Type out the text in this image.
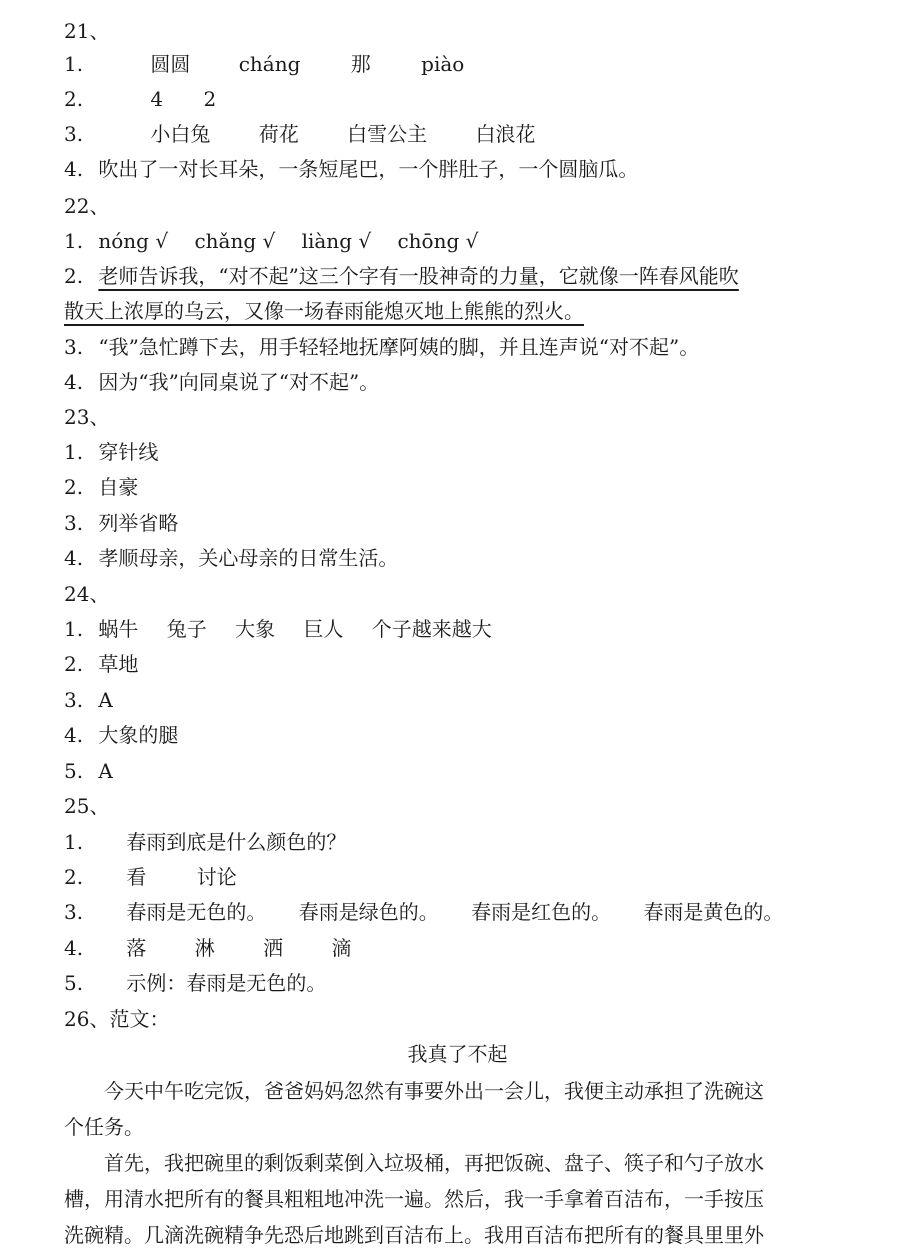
21、
1.	圆圆 cháng	那	piào
2.	4 2
3.	小白兔 荷花 白雪公主 白浪花
4. 吹出了一对长耳朵，一条短尾巴，一个胖肚子，一个圆脑瓜。
22、
1. nóng √ chǎng √ liàng √ chōng √
2. 老师告诉我，“对不起”这三个字有一股神奇的力量，它就像一阵春风能吹
散天上浓厚的乌云，又像一场春雨能熄灭地上熊熊的烈火。
3. “我”急忙蹲下去，用手轻轻地抚摩阿姨的脚，并且连声说“对不起”。
4. 因为“我”向同桌说了“对不起”。
23、
1. 穿针线
2. 自豪
3. 列举省略
4. 孝顺母亲，关心母亲的日常生活。
24、
1. 蜗牛 兔子 大象 巨人 个子越来越大
2. 草地
3. A
4. 大象的腿
5. A
25、
1. 春雨到底是什么颜色的？
2. 看	讨论
3. 春雨是无色的。 春雨是绿色的。 春雨是红色的。 春雨是黄色的。
4. 落 淋 洒 滴
5. 示例：春雨是无色的。
26、范文：
我真了不起
今天中午吃完饭，爸爸妈妈忽然有事要外出一会儿，我便主动承担了洗碗这
个任务。
首先，我把碗里的剩饭剩菜倒入垃圾桶，再把饭碗、盘子、筷子和勺子放水
槽，用清水把所有的餐具粗粗地冲洗一遍。然后，我一手拿着百洁布，一手按压
洗碗精。几滴洗碗精争先恐后地跳到百洁布上。我用百洁布把所有的餐具里里外
